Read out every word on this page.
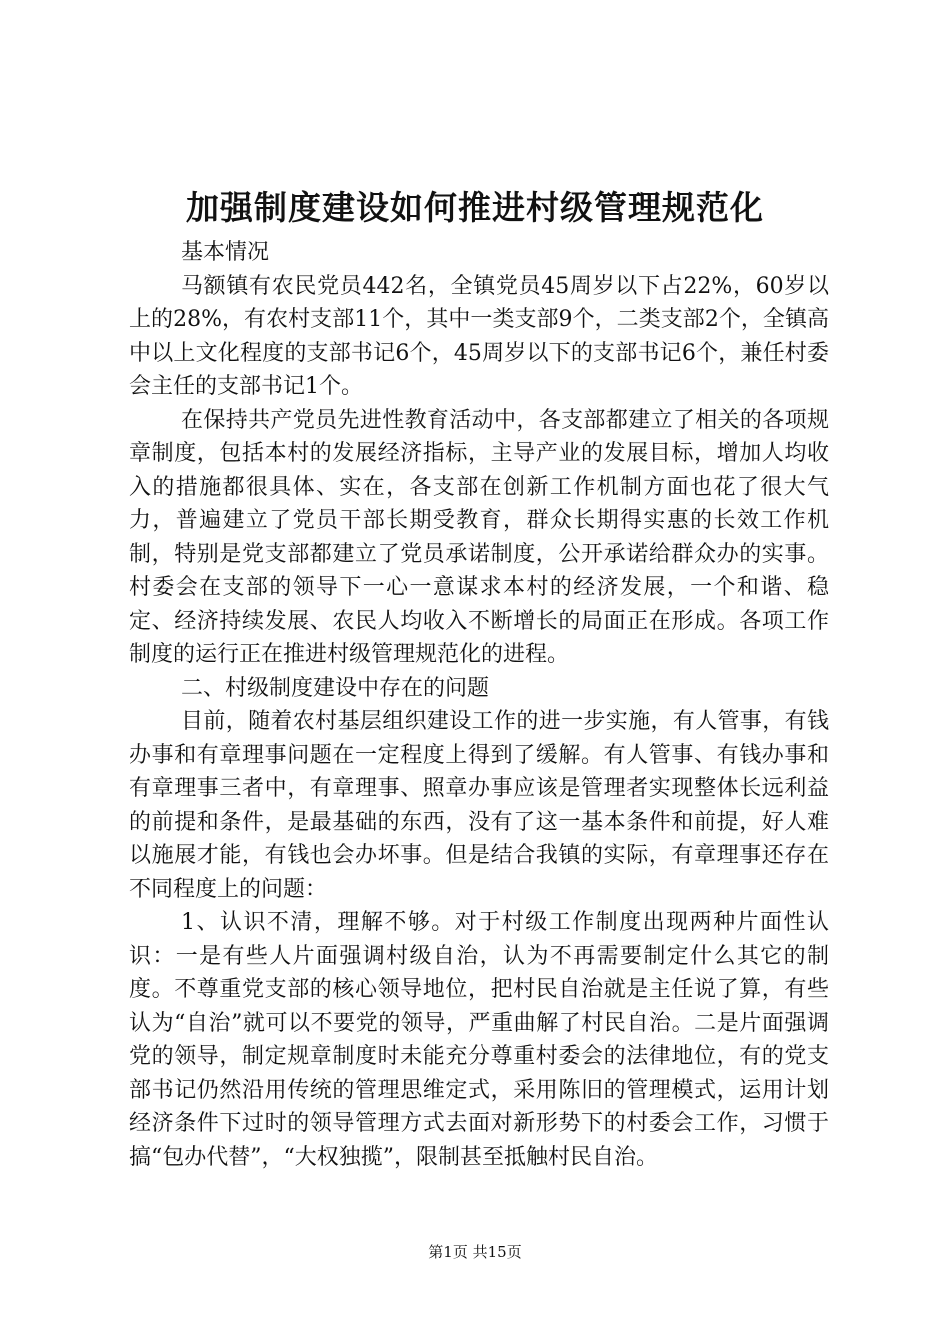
加强制度建设如何推进村级管理规范化

基本情况

马额镇有农民党员442名，全镇党员45周岁以下占22%，60岁以上的28%，有农村支部11个，其中一类支部9个，二类支部2个，全镇高中以上文化程度的支部书记6个，45周岁以下的支部书记6个，兼任村委会主任的支部书记1个。

在保持共产党员先进性教育活动中，各支部都建立了相关的各项规章制度，包括本村的发展经济指标，主导产业的发展目标，增加人均收入的措施都很具体、实在，各支部在创新工作机制方面也花了很大气力，普遍建立了党员干部长期受教育，群众长期得实惠的长效工作机制，特别是党支部都建立了党员承诺制度，公开承诺给群众办的实事。村委会在支部的领导下一心一意谋求本村的经济发展，一个和谐、稳定、经济持续发展、农民人均收入不断增长的局面正在形成。各项工作制度的运行正在推进村级管理规范化的进程。

二、村级制度建设中存在的问题

目前，随着农村基层组织建设工作的进一步实施，有人管事，有钱办事和有章理事问题在一定程度上得到了缓解。有人管事、有钱办事和有章理事三者中，有章理事、照章办事应该是管理者实现整体长远利益的前提和条件，是最基础的东西，没有了这一基本条件和前提，好人难以施展才能，有钱也会办坏事。但是结合我镇的实际，有章理事还存在不同程度上的问题：

1、认识不清，理解不够。对于村级工作制度出现两种片面性认识：一是有些人片面强调村级自治，认为不再需要制定什么其它的制度。不尊重党支部的核心领导地位，把村民自治就是主任说了算，有些认为“自治”就可以不要党的领导，严重曲解了村民自治。二是片面强调党的领导，制定规章制度时未能充分尊重村委会的法律地位，有的党支部书记仍然沿用传统的管理思维定式，采用陈旧的管理模式，运用计划经济条件下过时的领导管理方式去面对新形势下的村委会工作，习惯于搞“包办代替”，“大权独揽”，限制甚至抵触村民自治。

第1页 共15页
